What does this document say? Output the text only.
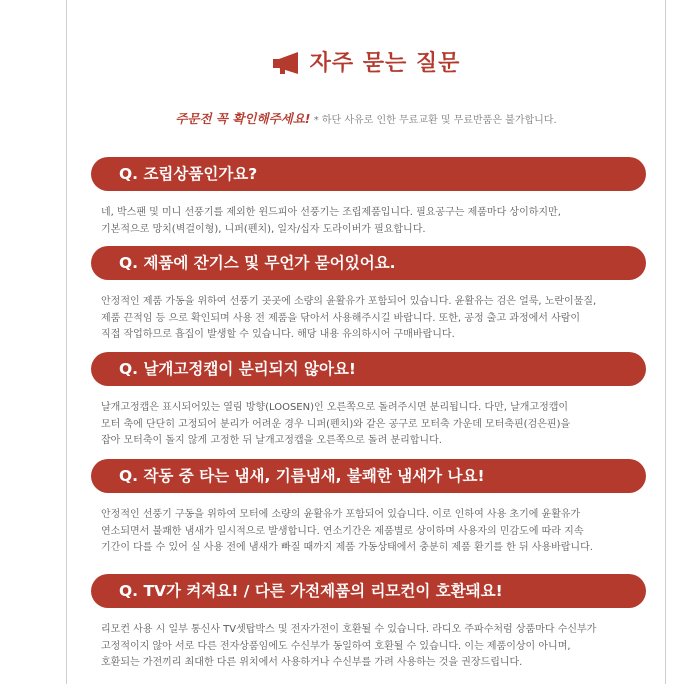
자주 묻는 질문
주문전 꼭 확인해주세요! * 하단 사유로 인한 무료교환 및 무료반품은 불가합니다.
Q. 조립상품인가요?

네, 박스팬 및 미니 선풍기를 제외한 윈드피아 선풍기는 조립제품입니다. 필요공구는 제품마다 상이하지만,
기본적으로 망치(벽걸이형), 니퍼(펜치), 일자/십자 도라이버가 필요합니다.

Q. 제품에 잔기스 및 무언가 묻어있어요.

안정적인 제품 가동을 위하여 선풍기 곳곳에 소량의 윤활유가 포함되어 있습니다. 윤활유는 검은 얼룩, 노란이물질,
제품 끈적임 등 으로 확인되며 사용 전 제품을 닦아서 사용해주시길 바랍니다. 또한, 공정 출고 과정에서 사람이
직접 작업하므로 흡집이 발생할 수 있습니다. 해당 내용 유의하시어 구매바랍니다.

Q. 날개고정캡이 분리되지 않아요!

날개고정캡은 표시되어있는 열림 방향(LOOSEN)인 오른쪽으로 돌려주시면 분리됩니다. 다만, 날개고정캡이
모터 축에 단단히 고정되어 분리가 어려운 경우 니퍼(펜치)와 같은 공구로 모터축 가운데 모터축핀(검은핀)을
잡아 모터축이 돌지 않게 고정한 뒤 날개고정캡을 오른쪽으로 돌려 분리합니다.

Q. 작동 중 타는 냄새, 기름냄새, 불쾌한 냄새가 나요!

안정적인 선풍기 구동을 위하여 모터에 소량의 윤활유가 포함되어 있습니다. 이로 인하여 사용 초기에 윤활유가
연소되면서 불쾌한 냄새가 일시적으로 발생합니다. 연소기간은 제품별로 상이하며 사용자의 민감도에 따라 지속
기간이 다를 수 있어 실 사용 전에 냄새가 빠질 때까지 제품 가동상태에서 충분히 제품 환기를 한 뒤 사용바랍니다.

Q. TV가 켜져요! / 다른 가전제품의 리모컨이 호환돼요!

리모컨 사용 시 일부 통신사 TV셋탑박스 및 전자가전이 호환될 수 있습니다. 라디오 주파수처럼 상품마다 수신부가
고정적이지 않아 서로 다른 전자상품임에도 수신부가 동일하여 호환될 수 있습니다. 이는 제품이상이 아니며,
호환되는 가전끼리 최대한 다른 위치에서 사용하거나 수신부를 가려 사용하는 것을 권장드립니다.
